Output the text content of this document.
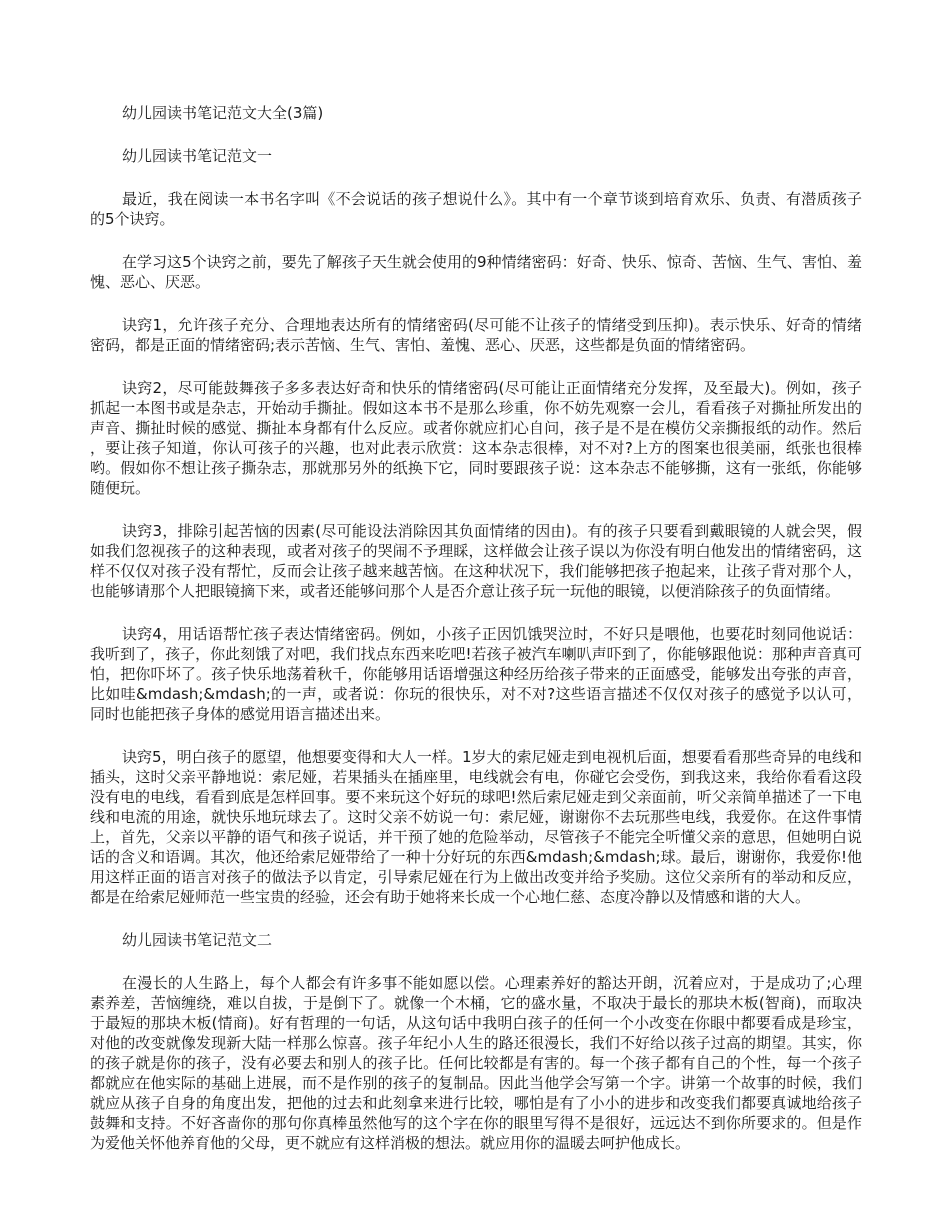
幼儿园读书笔记范文大全(3篇)

幼儿园读书笔记范文一

最近，我在阅读一本书名字叫《不会说话的孩子想说什么》。其中有一个章节谈到培育欢乐、负责、有潜质孩子的5个诀窍。

在学习这5个诀窍之前，要先了解孩子天生就会使用的9种情绪密码：好奇、快乐、惊奇、苦恼、生气、害怕、羞愧、恶心、厌恶。

诀窍1，允许孩子充分、合理地表达所有的情绪密码(尽可能不让孩子的情绪受到压抑)。表示快乐、好奇的情绪密码，都是正面的情绪密码;表示苦恼、生气、害怕、羞愧、恶心、厌恶，这些都是负面的情绪密码。

诀窍2，尽可能鼓舞孩子多多表达好奇和快乐的情绪密码(尽可能让正面情绪充分发挥，及至最大)。例如，孩子抓起一本图书或是杂志，开始动手撕扯。假如这本书不是那么珍重，你不妨先观察一会儿，看看孩子对撕扯所发出的声音、撕扯时候的感觉、撕扯本身都有什么反应。或者你就应扪心自问，孩子是不是在模仿父亲撕报纸的动作。然后，要让孩子知道，你认可孩子的兴趣，也对此表示欣赏：这本杂志很棒，对不对?上方的图案也很美丽，纸张也很棒哟。假如你不想让孩子撕杂志，那就那另外的纸换下它，同时要跟孩子说：这本杂志不能够撕，这有一张纸，你能够随便玩。

诀窍3，排除引起苦恼的因素(尽可能设法消除因其负面情绪的因由)。有的孩子只要看到戴眼镜的人就会哭，假如我们忽视孩子的这种表现，或者对孩子的哭闹不予理睬，这样做会让孩子误以为你没有明白他发出的情绪密码，这样不仅仅对孩子没有帮忙，反而会让孩子越来越苦恼。在这种状况下，我们能够把孩子抱起来，让孩子背对那个人，也能够请那个人把眼镜摘下来，或者还能够问那个人是否介意让孩子玩一玩他的眼镜，以便消除孩子的负面情绪。

诀窍4，用话语帮忙孩子表达情绪密码。例如，小孩子正因饥饿哭泣时，不好只是喂他，也要花时刻同他说话：我听到了，孩子，你此刻饿了对吧，我们找点东西来吃吧!若孩子被汽车喇叭声吓到了，你能够跟他说：那种声音真可怕，把你吓坏了。孩子快乐地荡着秋千，你能够用话语增强这种经历给孩子带来的正面感受，能够发出夸张的声音，比如哇&mdash;&mdash;的一声，或者说：你玩的很快乐，对不对?这些语言描述不仅仅对孩子的感觉予以认可，同时也能把孩子身体的感觉用语言描述出来。

诀窍5，明白孩子的愿望，他想要变得和大人一样。1岁大的索尼娅走到电视机后面，想要看看那些奇异的电线和插头，这时父亲平静地说：索尼娅，若果插头在插座里，电线就会有电，你碰它会受伤，到我这来，我给你看看这段没有电的电线，看看到底是怎样回事。要不来玩这个好玩的球吧!然后索尼娅走到父亲面前，听父亲简单描述了一下电线和电流的用途，就快乐地玩球去了。这时父亲不妨说一句：索尼娅，谢谢你不去玩那些电线，我爱你。在这件事情上，首先，父亲以平静的语气和孩子说话，并干预了她的危险举动，尽管孩子不能完全听懂父亲的意思，但她明白说话的含义和语调。其次，他还给索尼娅带给了一种十分好玩的东西&mdash;&mdash;球。最后，谢谢你，我爱你!他用这样正面的语言对孩子的做法予以肯定，引导索尼娅在行为上做出改变并给予奖励。这位父亲所有的举动和反应，都是在给索尼娅师范一些宝贵的经验，还会有助于她将来长成一个心地仁慈、态度冷静以及情感和谐的大人。

幼儿园读书笔记范文二

在漫长的人生路上，每个人都会有许多事不能如愿以偿。心理素养好的豁达开朗，沉着应对，于是成功了;心理素养差，苦恼缠绕，难以自拔，于是倒下了。就像一个木桶，它的盛水量，不取决于最长的那块木板(智商)，而取决于最短的那块木板(情商)。好有哲理的一句话，从这句话中我明白孩子的任何一个小改变在你眼中都要看成是珍宝，对他的改变就像发现新大陆一样那么惊喜。孩子年纪小人生的路还很漫长，我们不好给以孩子过高的期望。其实，你的孩子就是你的孩子，没有必要去和别人的孩子比。任何比较都是有害的。每一个孩子都有自己的个性，每一个孩子都就应在他实际的基础上进展，而不是作别的孩子的复制品。因此当他学会写第一个字。讲第一个故事的时候，我们就应从孩子自身的角度出发，把他的过去和此刻拿来进行比较，哪怕是有了小小的进步和改变我们都要真诚地给孩子鼓舞和支持。不好吝啬你的那句你真棒虽然他写的这个字在你的眼里写得不是很好，远远达不到你所要求的。但是作为爱他关怀他养育他的父母，更不就应有这样消极的想法。就应用你的温暖去呵护他成长。
